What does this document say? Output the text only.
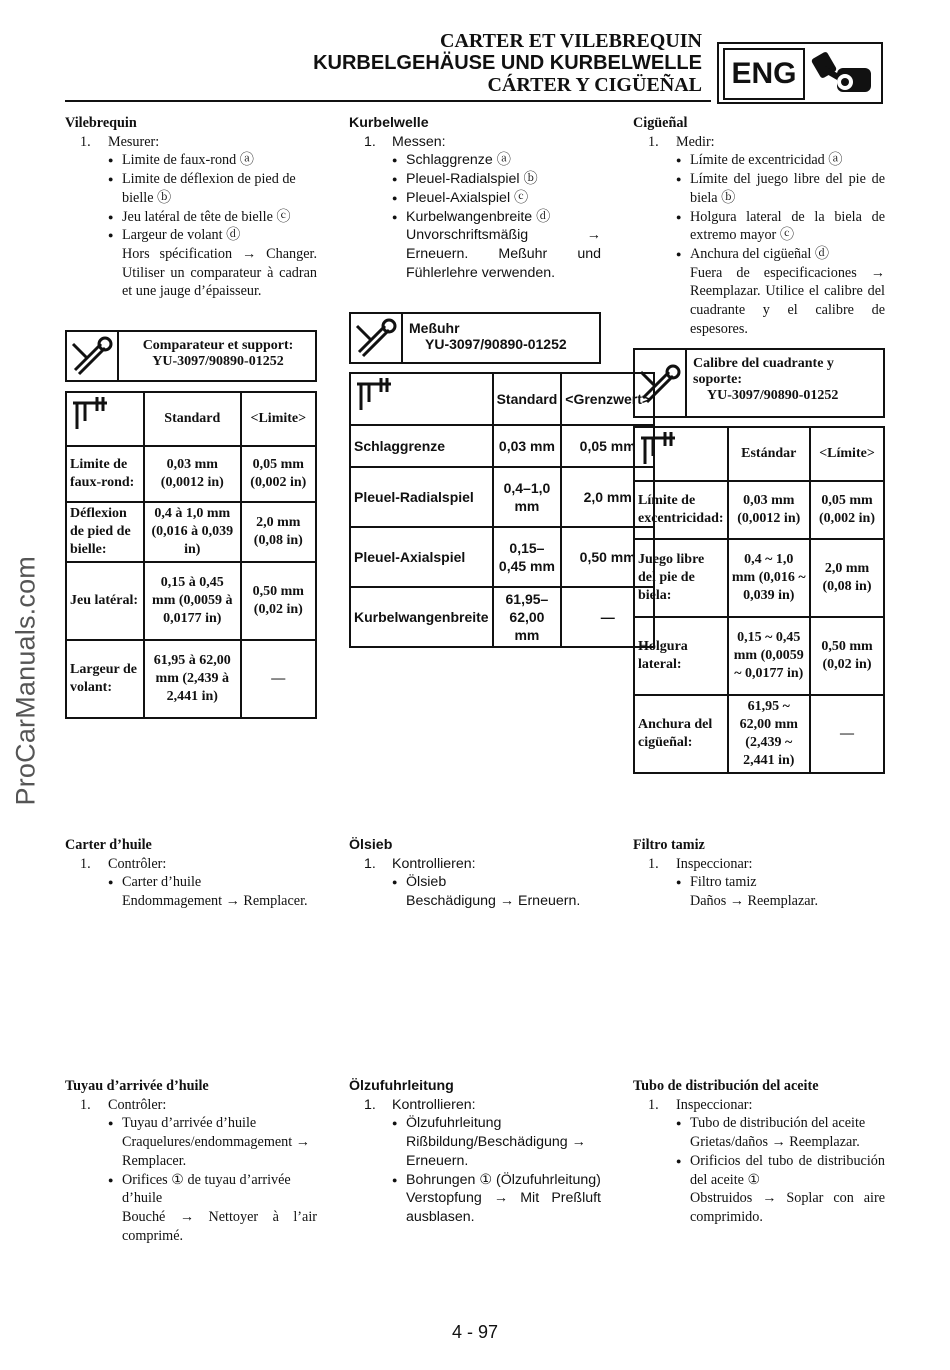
CARTER ET VILEBREQUIN
KURBELGEHÄUSE UND KURBELWELLE
CÁRTER Y CIGÜEÑAL ENG
ProCarManuals.com
Vilebrequin
1. Mesurer:
● Limite de faux-rond ⓐ
● Limite de déflexion de pied de bielle ⓑ
● Jeu latéral de tête de bielle ⓒ
● Largeur de volant ⓓ
Hors spécification → Changer. Utiliser un comparateur à cadran et une jauge d’épaisseur.
Comparateur et support:
YU-3097/90890-01252
	Standard	<Limite>
Limite de faux-rond:	0,03 mm (0,0012 in)	0,05 mm (0,002 in)
Déflexion de pied de bielle:	0,4 à 1,0 mm (0,016 à 0,039 in)	2,0 mm (0,08 in)
Jeu latéral:	0,15 à 0,45 mm (0,0059 à 0,0177 in)	0,50 mm (0,02 in)
Largeur de volant:	61,95 à 62,00 mm (2,439 à 2,441 in)	—
Carter d’huile
1. Contrôler:
● Carter d’huile
Endommagement → Remplacer.
Tuyau d’arrivée d’huile
1. Contrôler:
● Tuyau d’arrivée d’huile
Craquelures/endommagement → Remplacer.
● Orifices ① de tuyau d’arrivée d’huile
Bouché → Nettoyer à l’air comprimé.
Kurbelwelle
1. Messen:
● Schlaggrenze ⓐ
● Pleuel-Radialspiel ⓑ
● Pleuel-Axialspiel ⓒ
● Kurbelwangenbreite ⓓ
Unvorschriftsmäßig → Erneuern. Meßuhr und Fühlerlehre verwenden.
Meßuhr
YU-3097/90890-01252
	Standard	<Grenzwert>
Schlaggrenze	0,03 mm	0,05 mm
Pleuel-Radialspiel	0,4–1,0 mm	2,0 mm
Pleuel-Axialspiel	0,15–0,45 mm	0,50 mm
Kurbelwangenbreite	61,95–62,00 mm	—
Ölsieb
1. Kontrollieren:
● Ölsieb
Beschädigung → Erneuern.
Ölzufuhrleitung
1. Kontrollieren:
● Ölzufuhrleitung
Rißbildung/Beschädigung → Erneuern.
● Bohrungen ① (Ölzufuhrleitung)
Verstopfung → Mit Preßluft ausblasen.
Cigüeñal
1. Medir:
● Límite de excentricidad ⓐ
● Límite del juego libre del pie de biela ⓑ
● Holgura lateral de la biela de extremo mayor ⓒ
● Anchura del cigüeñal ⓓ
Fuera de especificaciones → Reemplazar. Utilice el calibre del cuadrante y el calibre de espesores.
Calibre del cuadrante y soporte:
YU-3097/90890-01252
	Estándar	<Límite>
Límite de excentricidad:	0,03 mm (0,0012 in)	0,05 mm (0,002 in)
Juego libre del pie de biela:	0,4 ~ 1,0 mm (0,016 ~ 0,039 in)	2,0 mm (0,08 in)
Holgura lateral:	0,15 ~ 0,45 mm (0,0059 ~ 0,0177 in)	0,50 mm (0,02 in)
Anchura del cigüeñal:	61,95 ~ 62,00 mm (2,439 ~ 2,441 in)	—
Filtro tamiz
1. Inspeccionar:
● Filtro tamiz
Daños → Reemplazar.
Tubo de distribución del aceite
1. Inspeccionar:
● Tubo de distribución del aceite
Grietas/daños → Reemplazar.
● Orificios del tubo de distribución del aceite ①
Obstruidos → Soplar con aire comprimido.
4 - 97
